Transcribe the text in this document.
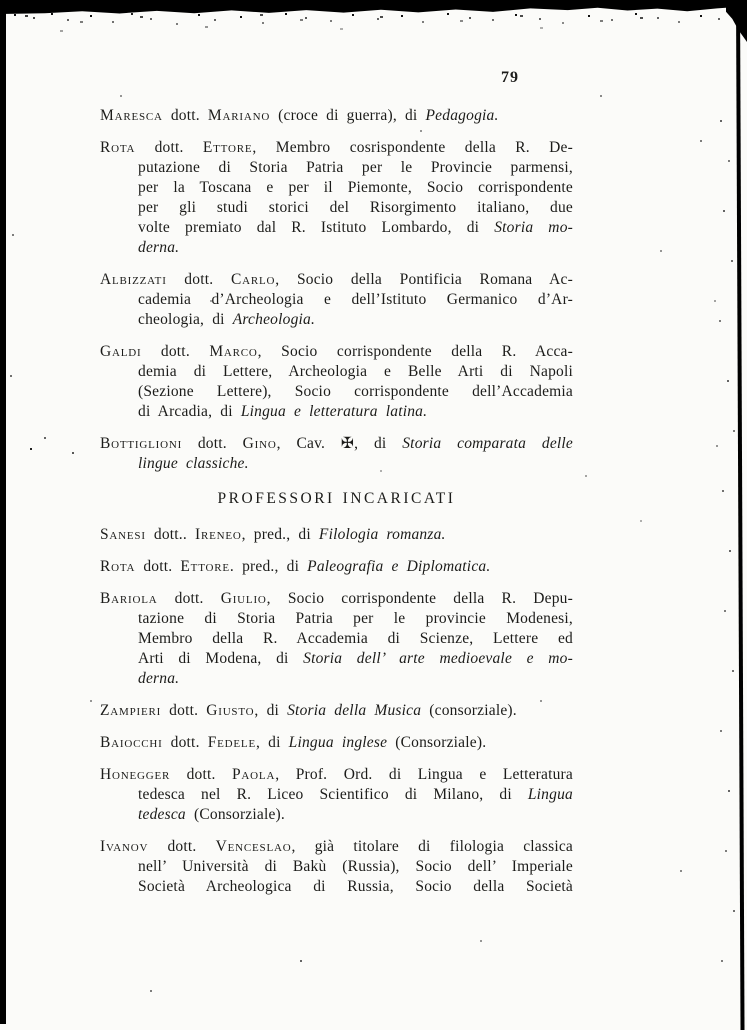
79
Maresca dott. Mariano (croce di guerra), di Pedagogia.
Rota dott. Ettore, Membro cosrispondente della R. De-
putazione di Storia Patria per le Provincie parmensi,
per la Toscana e per il Piemonte, Socio corrispondente
per gli studi storici del Risorgimento italiano, due
volte premiato dal R. Istituto Lombardo, di Storia mo-
derna.
Albizzati dott. Carlo, Socio della Pontificia Romana Ac-
cademia d’Archeologia e dell’Istituto Germanico d’Ar-
cheologia, di Archeologia.
Galdi dott. Marco, Socio corrispondente della R. Acca-
demia di Lettere, Archeologia e Belle Arti di Napoli
(Sezione Lettere), Socio corrispondente dell’Accademia
di Arcadia, di Lingua e letteratura latina.
Bottiglioni dott. Gino, Cav. ✠, di Storia comparata delle
lingue classiche.
PROFESSORI INCARICATI
Sanesi dott.. Ireneo, pred., di Filologia romanza.
Rota dott. Ettore. pred., di Paleografia e Diplomatica.
Bariola dott. Giulio, Socio corrispondente della R. Depu-
tazione di Storia Patria per le provincie Modenesi,
Membro della R. Accademia di Scienze, Lettere ed
Arti di Modena, di Storia dell’ arte medioevale e mo-
derna.
Zampieri dott. Giusto, di Storia della Musica (consorziale).
Baiocchi dott. Fedele, di Lingua inglese (Consorziale).
Honegger dott. Paola, Prof. Ord. di Lingua e Letteratura
tedesca nel R. Liceo Scientifico di Milano, di Lingua
tedesca (Consorziale).
Ivanov dott. Venceslao, già titolare di filologia classica
nell’ Università di Bakù (Russia), Socio dell’ Imperiale
Società Archeologica di Russia, Socio della Società
